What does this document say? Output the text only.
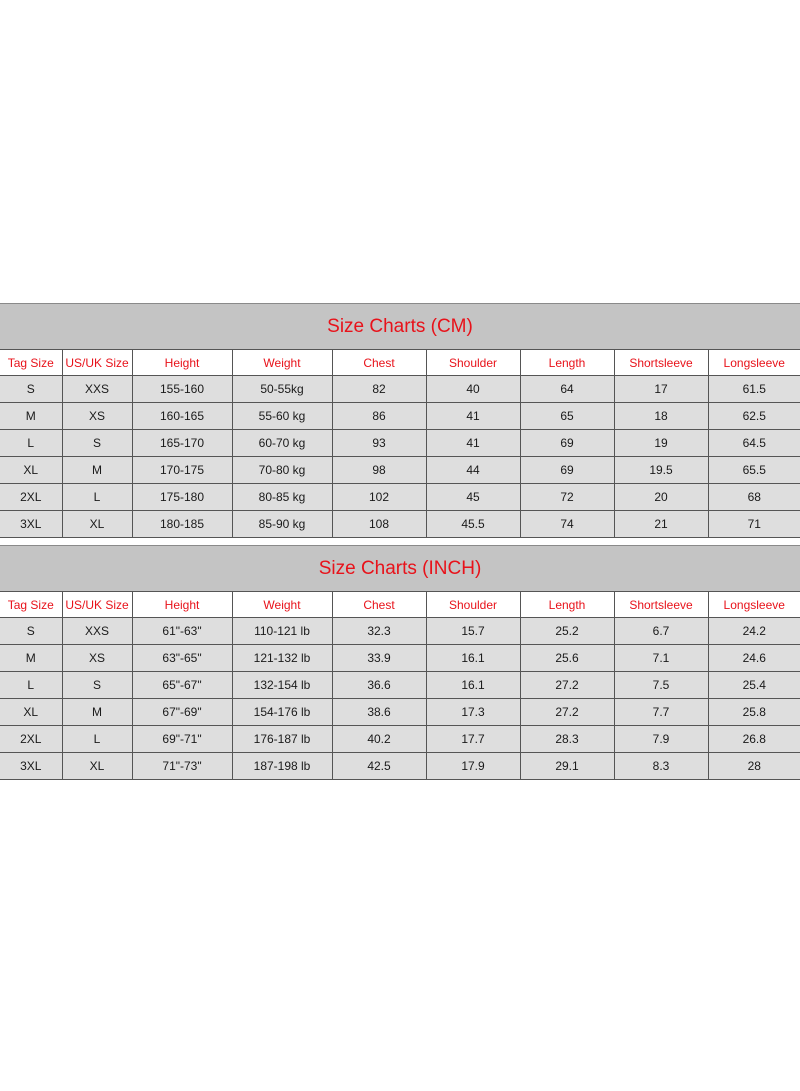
Size Charts (CM)
Tag Size	US/UK Size	Height	Weight	Chest	Shoulder	Length	Shortsleeve	Longsleeve
S	XXS	155-160	50-55kg	82	40	64	17	61.5
M	XS	160-165	55-60 kg	86	41	65	18	62.5
L	S	165-170	60-70 kg	93	41	69	19	64.5
XL	M	170-175	70-80 kg	98	44	69	19.5	65.5
2XL	L	175-180	80-85 kg	102	45	72	20	68
3XL	XL	180-185	85-90 kg	108	45.5	74	21	71
Size Charts (INCH)
Tag Size	US/UK Size	Height	Weight	Chest	Shoulder	Length	Shortsleeve	Longsleeve
S	XXS	61"-63"	110-121 lb	32.3	15.7	25.2	6.7	24.2
M	XS	63"-65"	121-132 lb	33.9	16.1	25.6	7.1	24.6
L	S	65"-67"	132-154 lb	36.6	16.1	27.2	7.5	25.4
XL	M	67"-69"	154-176 lb	38.6	17.3	27.2	7.7	25.8
2XL	L	69"-71"	176-187 lb	40.2	17.7	28.3	7.9	26.8
3XL	XL	71"-73"	187-198 lb	42.5	17.9	29.1	8.3	28
